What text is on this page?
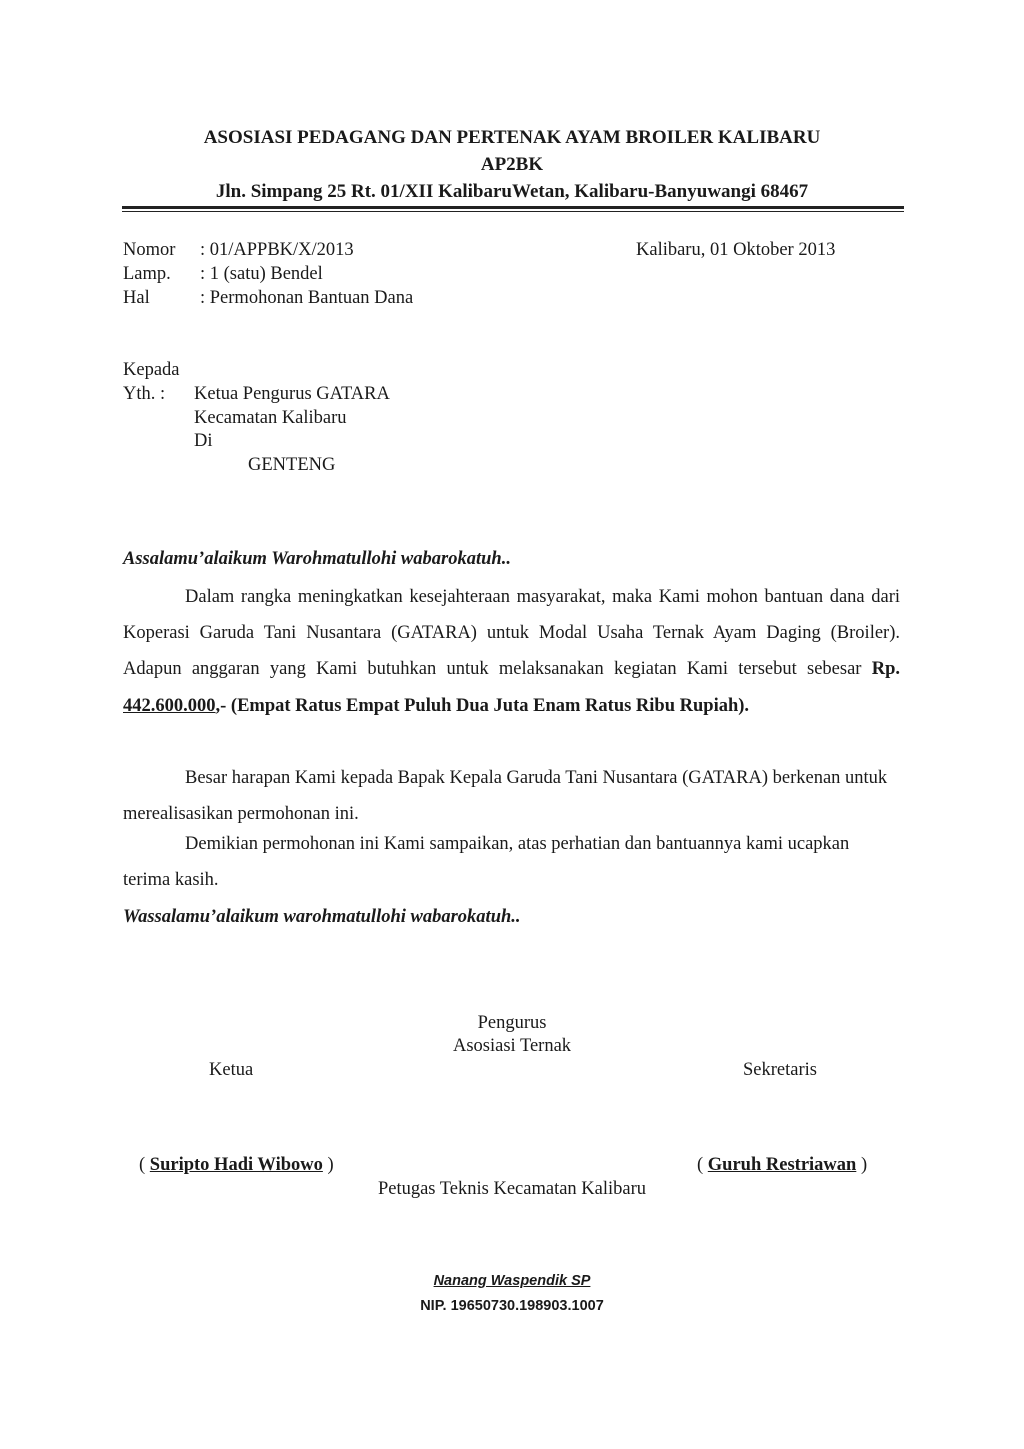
ASOSIASI PEDAGANG DAN PERTENAK AYAM BROILER KALIBARU
AP2BK
Jln. Simpang 25 Rt. 01/XII KalibaruWetan, Kalibaru-Banyuwangi 68467
Nomor : 01/APPBK/X/2013	Kalibaru, 01 Oktober 2013
Lamp. : 1 (satu) Bendel
Hal	: Permohonan Bantuan Dana
Kepada
Yth. : Ketua Pengurus GATARA
Kecamatan Kalibaru
Di
GENTENG
Assalamu’alaikum Warohmatullohi wabarokatuh..
Dalam rangka meningkatkan kesejahteraan masyarakat, maka Kami mohon bantuan dana dari Koperasi Garuda Tani Nusantara (GATARA) untuk Modal Usaha Ternak Ayam Daging (Broiler). Adapun anggaran yang Kami butuhkan untuk melaksanakan kegiatan Kami tersebut sebesar Rp. 442.600.000,- (Empat Ratus Empat Puluh Dua Juta Enam Ratus Ribu Rupiah).
Besar harapan Kami kepada Bapak Kepala Garuda Tani Nusantara (GATARA) berkenan untuk merealisasikan permohonan ini.
Demikian permohonan ini Kami sampaikan, atas perhatian dan bantuannya kami ucapkan terima kasih.
Wassalamu’alaikum warohmatullohi wabarokatuh..
Pengurus
Asosiasi Ternak
Ketua	Sekretaris
( Suripto Hadi Wibowo )	( Guruh Restriawan )
Petugas Teknis Kecamatan Kalibaru
Nanang Waspendik SP
NIP. 19650730.198903.1007
